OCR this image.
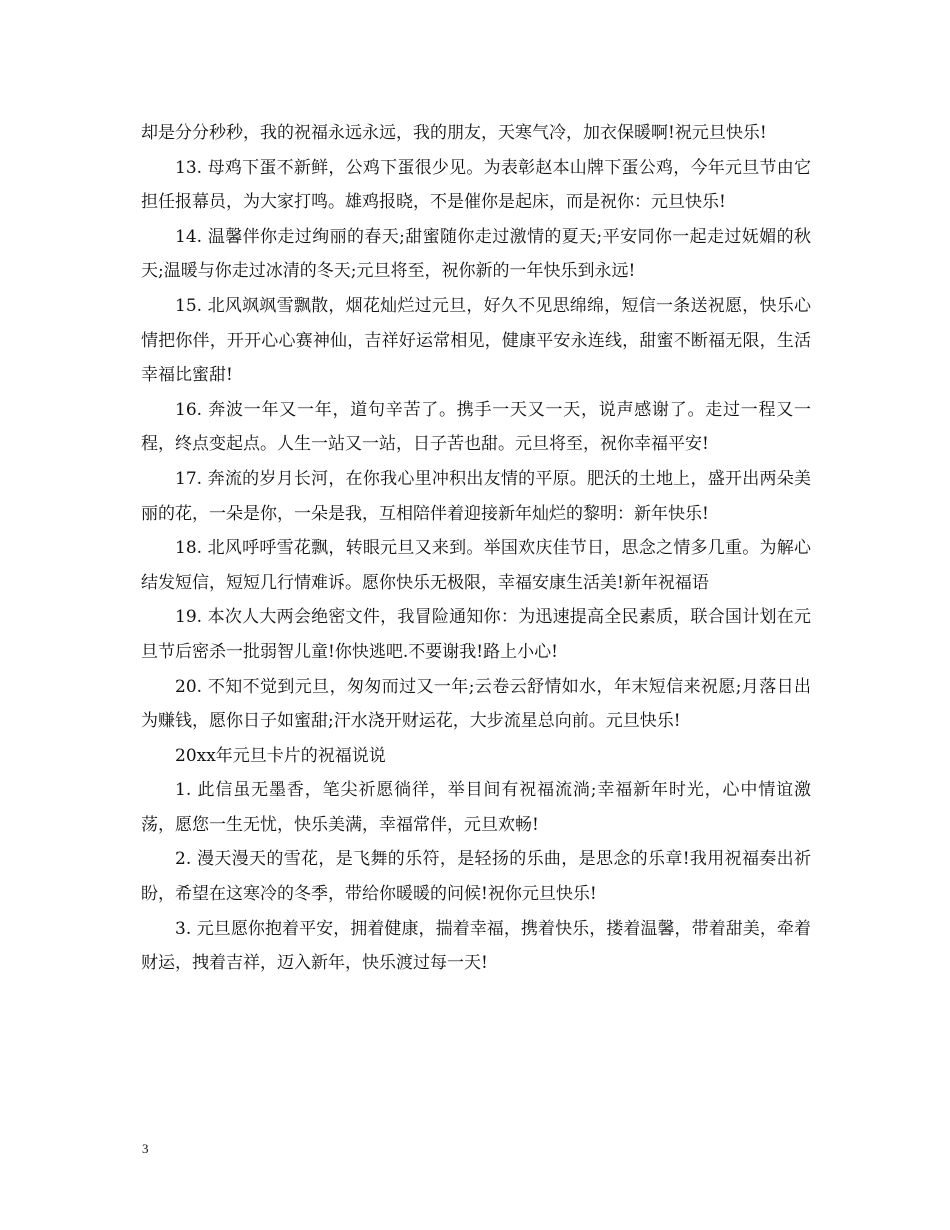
却是分分秒秒，我的祝福永远永远，我的朋友，天寒气冷，加衣保暖啊!祝元旦快乐!

13. 母鸡下蛋不新鲜，公鸡下蛋很少见。为表彰赵本山牌下蛋公鸡，今年元旦节由它担任报幕员，为大家打鸣。雄鸡报晓，不是催你是起床，而是祝你：元旦快乐!

14. 温馨伴你走过绚丽的春天;甜蜜随你走过激情的夏天;平安同你一起走过妩媚的秋天;温暖与你走过冰清的冬天;元旦将至，祝你新的一年快乐到永远!

15. 北风飒飒雪飘散，烟花灿烂过元旦，好久不见思绵绵，短信一条送祝愿，快乐心情把你伴，开开心心赛神仙，吉祥好运常相见，健康平安永连线，甜蜜不断福无限，生活幸福比蜜甜!

16. 奔波一年又一年，道句辛苦了。携手一天又一天，说声感谢了。走过一程又一程，终点变起点。人生一站又一站，日子苦也甜。元旦将至，祝你幸福平安!

17. 奔流的岁月长河，在你我心里冲积出友情的平原。肥沃的土地上，盛开出两朵美丽的花，一朵是你，一朵是我，互相陪伴着迎接新年灿烂的黎明：新年快乐!

18. 北风呼呼雪花飘，转眼元旦又来到。举国欢庆佳节日，思念之情多几重。为解心结发短信，短短几行情难诉。愿你快乐无极限，幸福安康生活美!新年祝福语

19. 本次人大两会绝密文件，我冒险通知你：为迅速提高全民素质，联合国计划在元旦节后密杀一批弱智儿童!你快逃吧.不要谢我!路上小心!

20. 不知不觉到元旦，匆匆而过又一年;云卷云舒情如水，年末短信来祝愿;月落日出为赚钱，愿你日子如蜜甜;汗水浇开财运花，大步流星总向前。元旦快乐!

20xx年元旦卡片的祝福说说

1. 此信虽无墨香，笔尖祈愿徜徉，举目间有祝福流淌;幸福新年时光，心中情谊激荡，愿您一生无忧，快乐美满，幸福常伴，元旦欢畅!

2. 漫天漫天的雪花，是飞舞的乐符，是轻扬的乐曲，是思念的乐章!我用祝福奏出祈盼，希望在这寒冷的冬季，带给你暖暖的问候!祝你元旦快乐!

3. 元旦愿你抱着平安，拥着健康，揣着幸福，携着快乐，搂着温馨，带着甜美，牵着财运，拽着吉祥，迈入新年，快乐渡过每一天!

3
